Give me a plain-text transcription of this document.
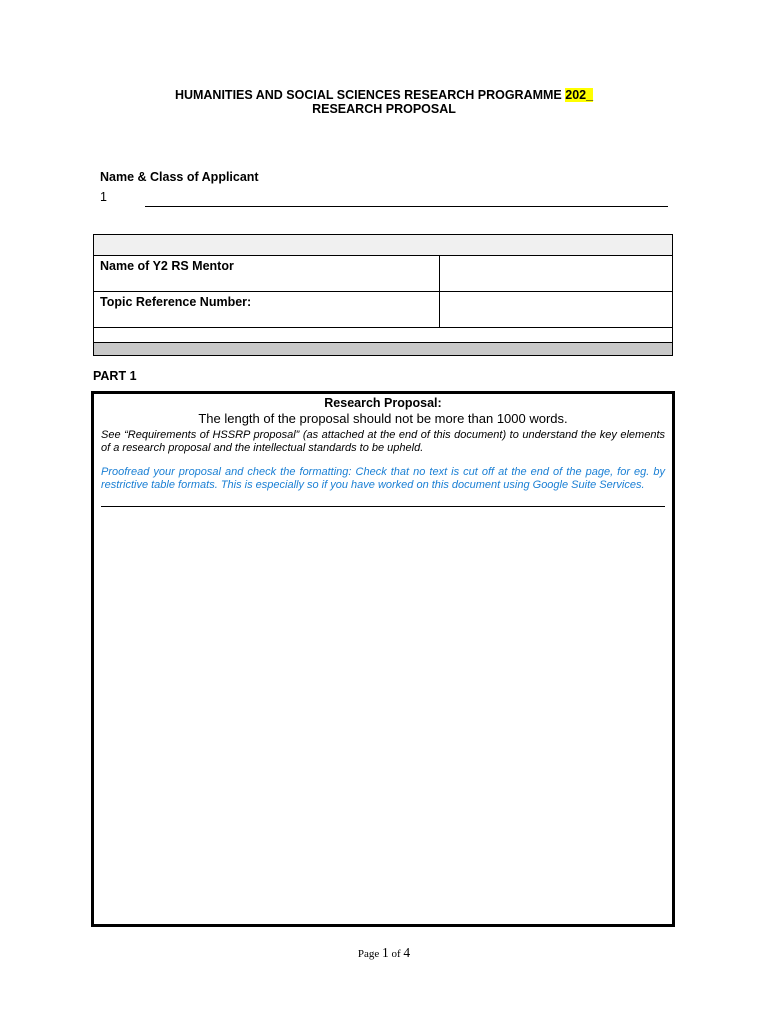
HUMANITIES AND SOCIAL SCIENCES RESEARCH PROGRAMME 202_
RESEARCH PROPOSAL
Name & Class of Applicant
1

Name of Y2 RS Mentor	
Topic Reference Number:	

PART 1
Research Proposal:
The length of the proposal should not be more than 1000 words.
See “Requirements of HSSRP proposal” (as attached at the end of this document) to understand the key elements of a research proposal and the intellectual standards to be upheld.
Proofread your proposal and check the formatting: Check that no text is cut off at the end of the page, for eg. by restrictive table formats. This is especially so if you have worked on this document using Google Suite Services.
Page 1 of 4
